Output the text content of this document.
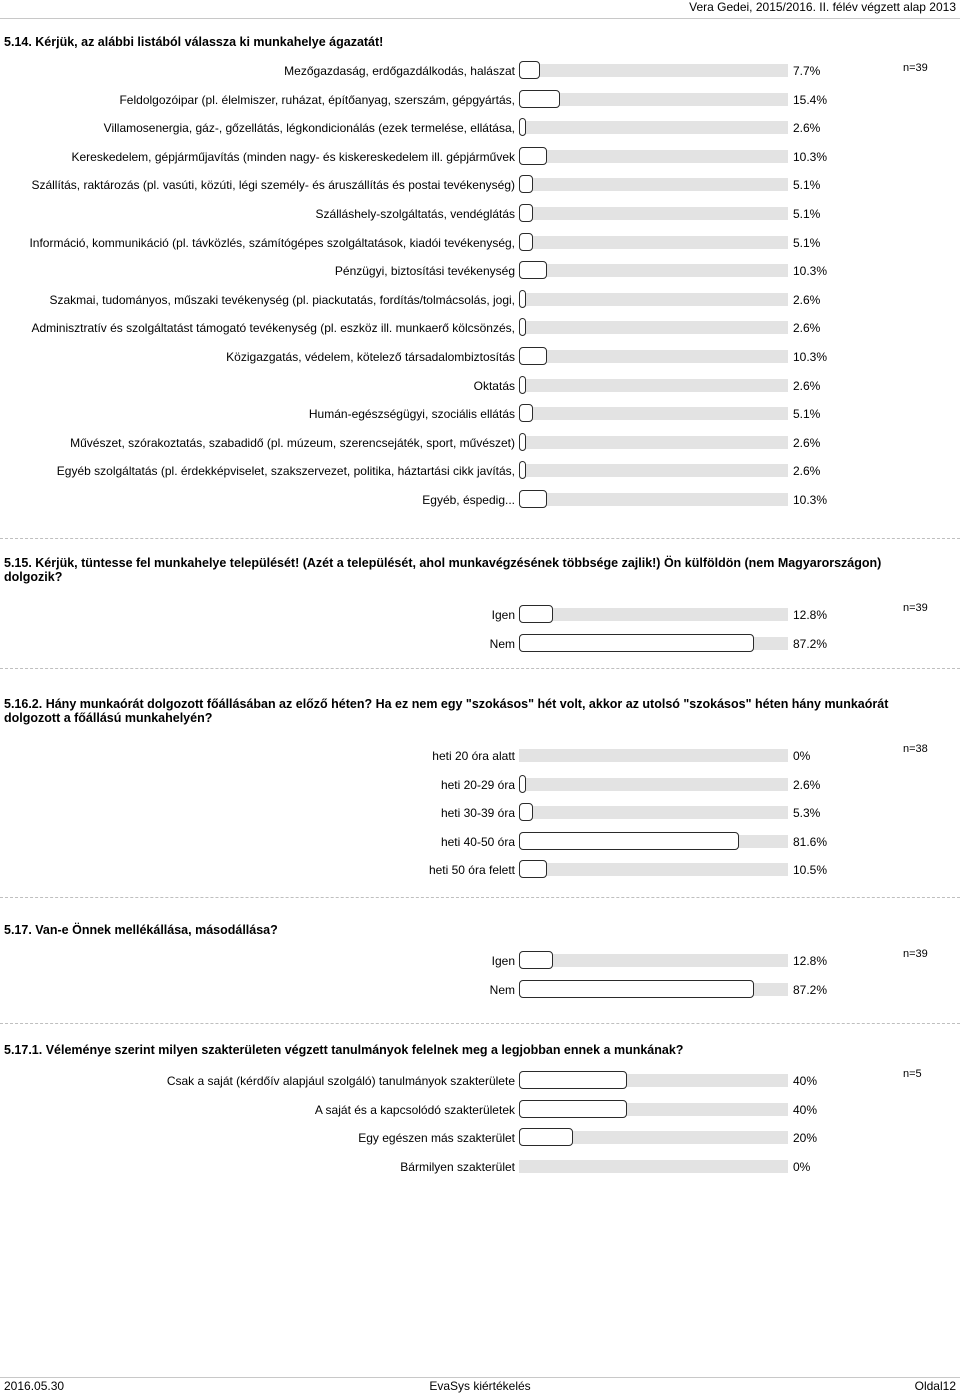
Vera Gedei, 2015/2016. II. félév végzett alap 2013

5.14. Kérjük, az alábbi listából válassza ki munkahelye ágazatát!

n=39
Mezőgazdaság, erdőgazdálkodás, halászat	7.7%
Feldolgozóipar (pl. élelmiszer, ruházat, építőanyag, szerszám, gépgyártás,	15.4%
Villamosenergia, gáz-, gőzellátás, légkondicionálás (ezek termelése, ellátása,	2.6%
Kereskedelem, gépjárműjavítás (minden nagy- és kiskereskedelem ill. gépjárművek	10.3%
Szállítás, raktározás (pl. vasúti, közúti, légi személy- és áruszállítás és postai tevékenység)	5.1%
Szálláshely-szolgáltatás, vendéglátás	5.1%
Információ, kommunikáció (pl. távközlés, számítógépes szolgáltatások, kiadói tevékenység,	5.1%
Pénzügyi, biztosítási tevékenység	10.3%
Szakmai, tudományos, műszaki tevékenység (pl. piackutatás, fordítás/tolmácsolás, jogi,	2.6%
Adminisztratív és szolgáltatást támogató tevékenység (pl. eszköz ill. munkaerő kölcsönzés,	2.6%
Közigazgatás, védelem, kötelező társadalombiztosítás	10.3%
Oktatás	2.6%
Humán-egészségügyi, szociális ellátás	5.1%
Művészet, szórakoztatás, szabadidő (pl. múzeum, szerencsejáték, sport, művészet)	2.6%
Egyéb szolgáltatás (pl. érdekképviselet, szakszervezet, politika, háztartási cikk javítás,	2.6%
Egyéb, éspedig...	10.3%

5.15. Kérjük, tüntesse fel munkahelye települését! (Azét a települését, ahol munkavégzésének többsége zajlik!) Ön külföldön (nem Magyarországon) dolgozik?

n=39
Igen	12.8%
Nem	87.2%

5.16.2. Hány munkaórát dolgozott főállásában az előző héten? Ha ez nem egy "szokásos" hét volt, akkor az utolsó "szokásos" héten hány munkaórát dolgozott a főállású munkahelyén?

n=38
heti 20 óra alatt	0%
heti 20-29 óra	2.6%
heti 30-39 óra	5.3%
heti 40-50 óra	81.6%
heti 50 óra felett	10.5%

5.17. Van-e Önnek mellékállása, másodállása?

n=39
Igen	12.8%
Nem	87.2%

5.17.1. Véleménye szerint milyen szakterületen végzett tanulmányok felelnek meg a legjobban ennek a munkának?

n=5
Csak a saját (kérdőív alapjául szolgáló) tanulmányok szakterülete	40%
A saját és a kapcsolódó szakterületek	40%
Egy egészen más szakterület	20%
Bármilyen szakterület	0%
2016.05.30	EvaSys kiértékelés	Oldal12
